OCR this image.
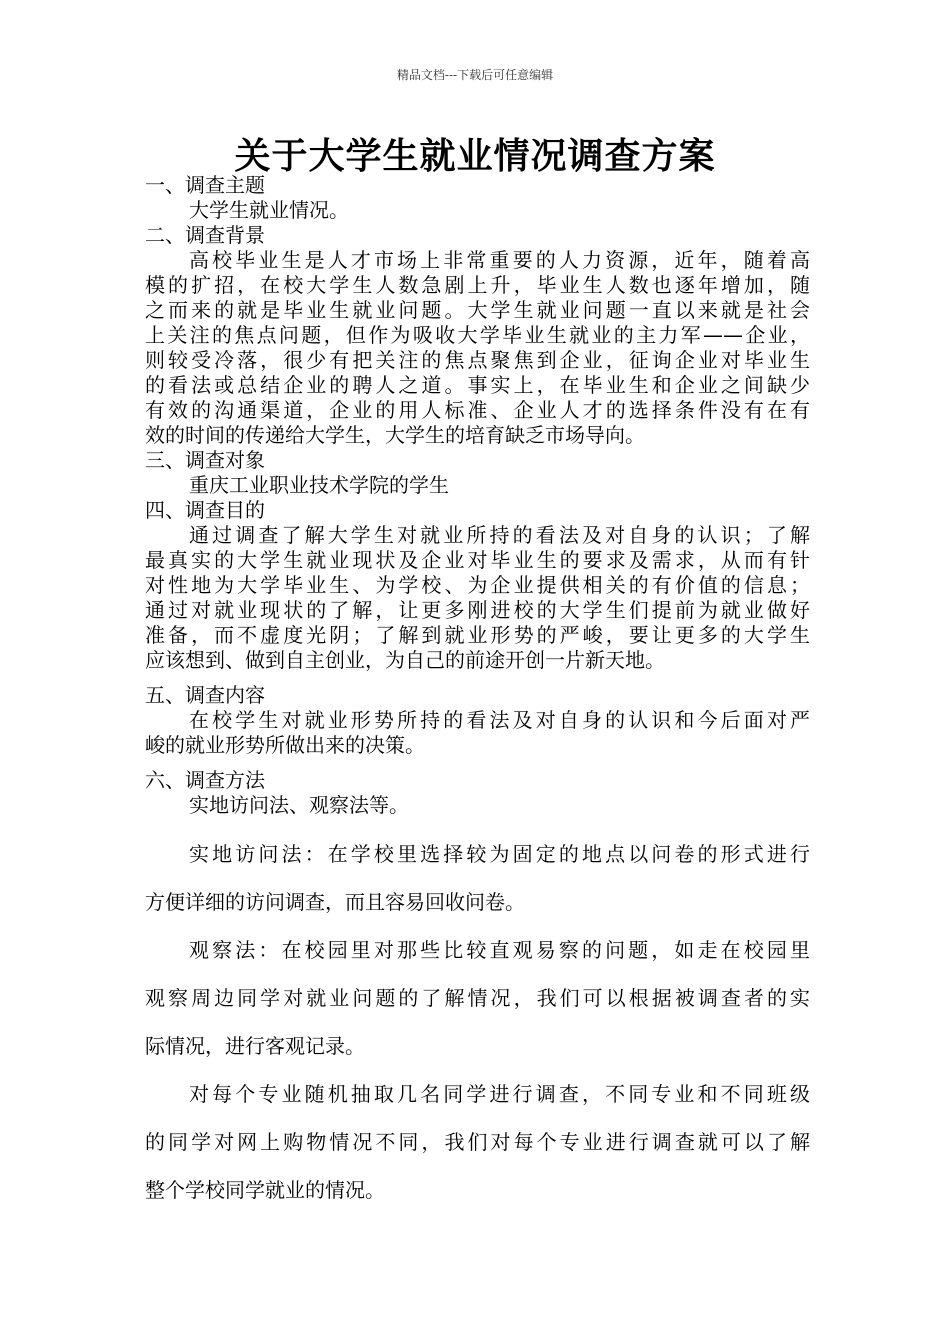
精品文档---下载后可任意编辑
关于大学生就业情况调查方案
一、调查主题
大学生就业情况。
二、调查背景
高校毕业生是人才市场上非常重要的人力资源，近年，随着高
模的扩招，在校大学生人数急剧上升，毕业生人数也逐年增加，随
之而来的就是毕业生就业问题。大学生就业问题一直以来就是社会
上关注的焦点问题，但作为吸收大学毕业生就业的主力军——企业，
则较受冷落，很少有把关注的焦点聚焦到企业，征询企业对毕业生
的看法或总结企业的聘人之道。事实上，在毕业生和企业之间缺少
有效的沟通渠道，企业的用人标准、企业人才的选择条件没有在有
效的时间的传递给大学生，大学生的培育缺乏市场导向。
三、调查对象
重庆工业职业技术学院的学生
四、调查目的
通过调查了解大学生对就业所持的看法及对自身的认识；了解
最真实的大学生就业现状及企业对毕业生的要求及需求，从而有针
对性地为大学毕业生、为学校、为企业提供相关的有价值的信息；
通过对就业现状的了解，让更多刚进校的大学生们提前为就业做好
准备，而不虚度光阴；了解到就业形势的严峻，要让更多的大学生
应该想到、做到自主创业，为自己的前途开创一片新天地。
五、调查内容
在校学生对就业形势所持的看法及对自身的认识和今后面对严
峻的就业形势所做出来的决策。
六、调查方法
实地访问法、观察法等。
实地访问法：在学校里选择较为固定的地点以问卷的形式进行
方便详细的访问调查，而且容易回收问卷。
观察法：在校园里对那些比较直观易察的问题，如走在校园里
观察周边同学对就业问题的了解情况，我们可以根据被调查者的实
际情况，进行客观记录。
对每个专业随机抽取几名同学进行调查，不同专业和不同班级
的同学对网上购物情况不同，我们对每个专业进行调查就可以了解
整个学校同学就业的情况。
